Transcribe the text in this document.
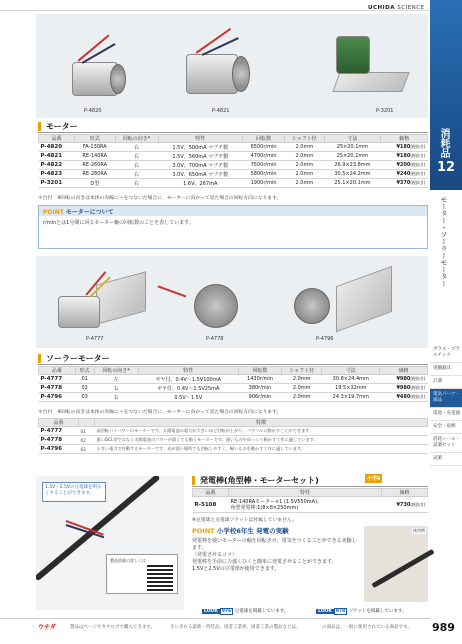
UCHIDA SCIENCE
消耗品
12
モーター・ソーラーモーター
ガラス・プラスチック
実験器具
計測
電気パーツ・部品
電池・充電器
安全・収納
消耗シール・試薬セット
試薬
P-4820	P-4821	P-3201
モーター
品番	形式	回転の向き*	特性	回転数	シャフト径	寸法	価格
P-4820	FA-130RA	右	1.5V、500mA マブチ製	6500r/min	2.0mm	25×20.1mm	¥180(税抜き)
P-4821	RE-140RA	右	1.5V、560mA マブチ製	4700r/min	2.0mm	25×20.1mm	¥180(税抜き)
P-4822	RE-260RA	右	3.0V、700mA マブチ製	7500r/min	2.0mm	26.9×23.8mm	¥200(税抜き)
P-4823	RE-280RA	右	3.0V、650mA マブチ製	5800r/min	2.0mm	30.5×24.2mm	¥240(税抜き)
P-3201	D型	右	1.6V、267mA	1900r/min	2.0mm	25.1×20.1mm	¥370(税抜き)
＊台付　※回転の向きは本体の赤線に＋をつないだ場合に、モーターに向かって見た場合の回転方向になります。
POINT モーターについて
r/minとは1分間に回るモーター軸の回転数のことを表しています。
P-4777	P-4778	P-4796
ソーラーモーター
品番	形式	回転の向き*	特性	回転数	シャフト径	寸法	価格
P-4777	01	左	ギヤ付、0.4V〜1.5V100mA	1430r/min	2.0mm	30.8×24.4mm	¥980(税抜き)
P-4778	02	右	ギヤ付、0.4V〜1.5V25mA	380r/min	2.0mm	19.5×32mm	¥980(税抜き)
P-4796	03	右	0.5V〜1.5V	906r/min	2.0mm	24.3×19.7mm	¥480(税抜き)
＊台付　※回転の向きは本体の赤線に＋をつないだ場合に、モーターに向かって見た場合の回転方向になります。
品番		特徴
P-4777	01	高回転ハイパワーのモーターです。太陽電池の電力が大きいほど回転が上がり、パワフルに動かすことができます。
P-4778	02	重いDCL型ではなく太陽電池のパワーが弱くても動くモーターです。遅いものやゆっくり動かす工作に適しています。
P-4796	03	小さい電力で作動するモーターです。光が弱い場所でも回転しやすく、軽いものを動かす工作に適しています。
1.5V・2.5Vの豆電球を明るくすることができます。
製品情報の詳しくは
発電棒(角型棒・モーターセット)	小学6
品番	特性	価格
R-5108	RE-140RAモーター×1 (1.5V550mA)、
角型発電棒:1(8×8×250mm)	¥730(税抜き)
※豆電球と豆電球ソケットは付属していません。
POINT 小学校6年生 発電の実験
発電棒を使いモーターの軸を回転させ、電気をつくることができる実験します。
〈発電させるコツ〉
発電棒を手前に力強くひくと簡単に発電させることができます。
1.5Vと2.5Vの豆電球が使用できます。
使用例
LOOK 976 豆電球を掲載しています。	LOOK 978 ソケットを掲載しています。
ウチダ	製品はページやカタログで購入できます。	きいきれる最新・特装品、図書工業界、図書工業の製品などは、	の商品は、一般に使用されている商品です。 989
